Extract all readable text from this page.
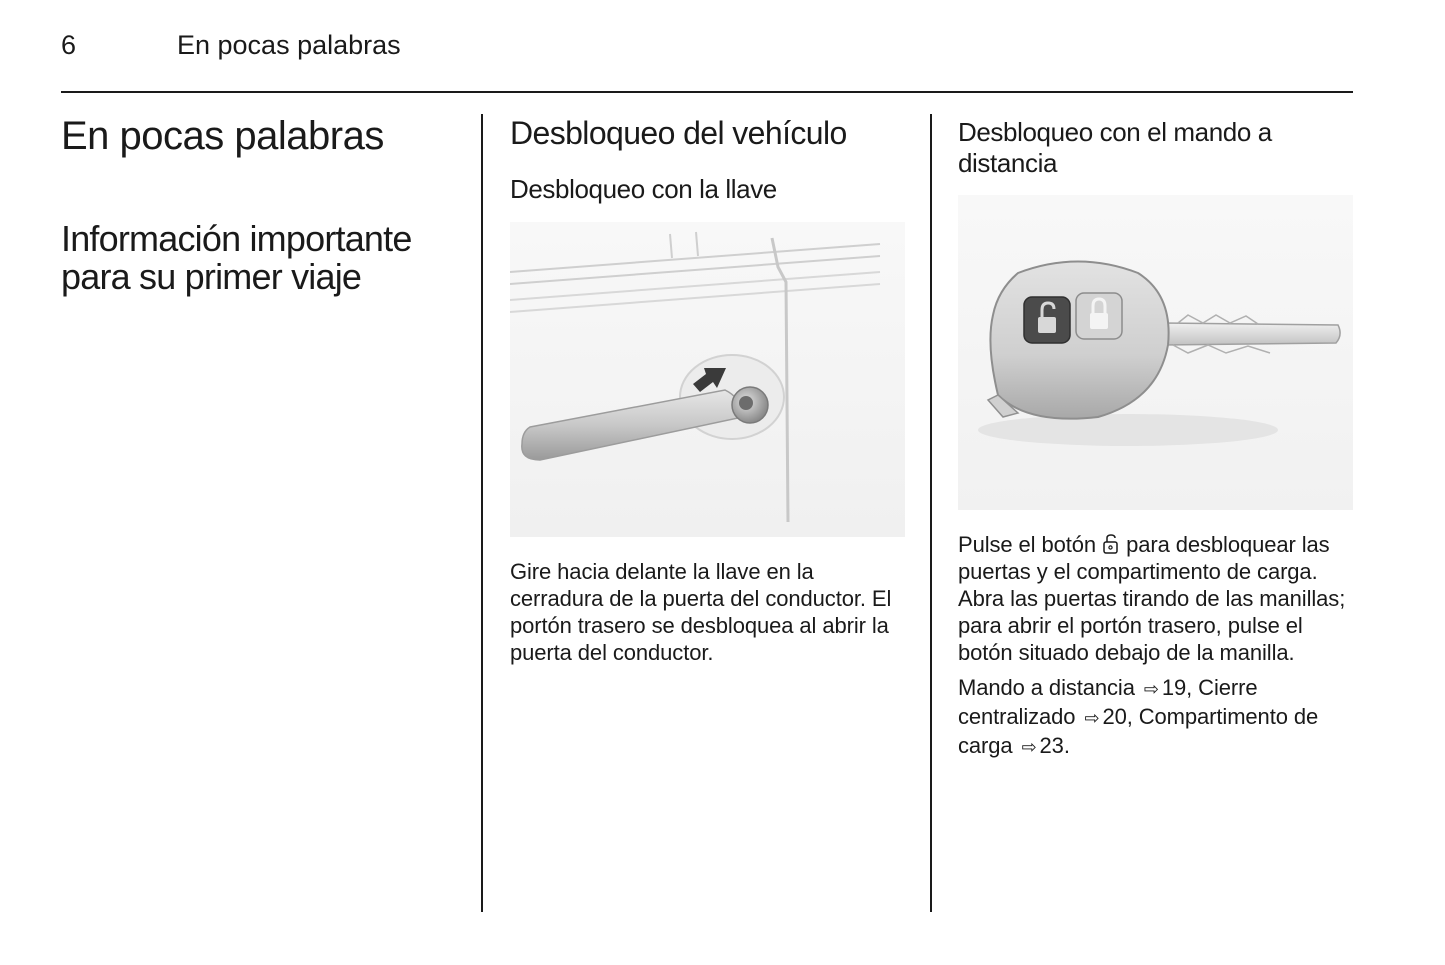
6	En pocas palabras
En pocas palabras
Información importante para su primer viaje
Desbloqueo del vehículo
Desbloqueo con la llave
Gire hacia delante la llave en la cerradura de la puerta del conductor. El portón trasero se desbloquea al abrir la puerta del conductor.
Desbloqueo con el mando a distancia

Pulse el botón para desbloquear las puertas y el compartimento de carga. Abra las puertas tirando de las manillas; para abrir el portón trasero, pulse el botón situado debajo de la manilla.

Mando a distancia ⇨ 19, Cierre centralizado ⇨ 20, Compartimento de carga ⇨ 23.
